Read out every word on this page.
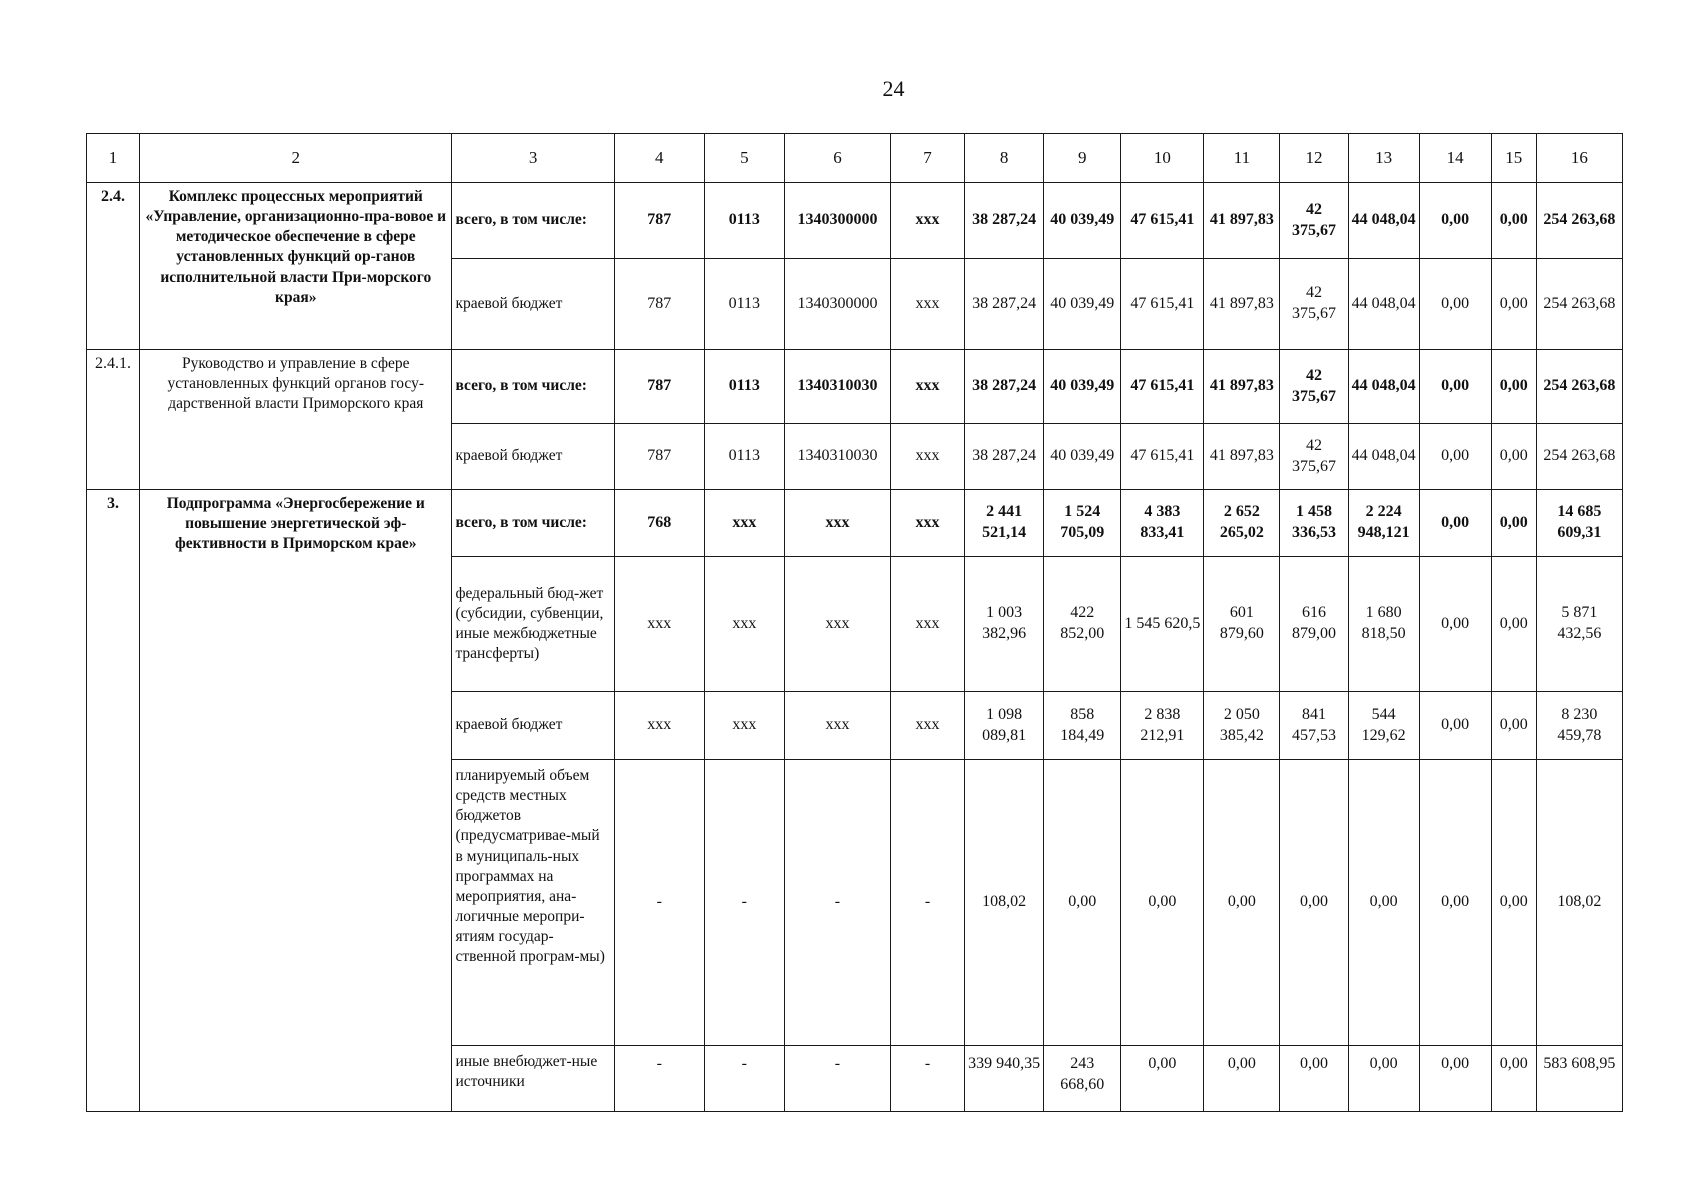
24
1	2	3	4	5	6	7	8	9	10	11	12	13	14	15	16
2.4.	Комплекс процессных мероприятий «Управление, организационно-пра-вовое и методическое обеспечение в сфере установленных функций ор-ганов исполнительной власти При-морского края»	всего, в том числе:	787	0113	1340300000	xxx	38 287,24	40 039,49	47 615,41	41 897,83	42 375,67	44 048,04	0,00	0,00	254 263,68
		краевой бюджет	787	0113	1340300000	xxx	38 287,24	40 039,49	47 615,41	41 897,83	42 375,67	44 048,04	0,00	0,00	254 263,68
2.4.1.	Руководство и управление в сфере установленных функций органов госу-дарственной власти Приморского края	всего, в том числе:	787	0113	1340310030	xxx	38 287,24	40 039,49	47 615,41	41 897,83	42 375,67	44 048,04	0,00	0,00	254 263,68
		краевой бюджет	787	0113	1340310030	xxx	38 287,24	40 039,49	47 615,41	41 897,83	42 375,67	44 048,04	0,00	0,00	254 263,68
3.	Подпрограмма «Энергосбережение и повышение энергетической эф-фективности в Приморском крае»	всего, в том числе:	768	xxx	xxx	xxx	2 441 521,14	1 524 705,09	4 383 833,41	2 652 265,02	1 458 336,53	2 224 948,121	0,00	0,00	14 685 609,31
		федеральный бюд-жет (субсидии, субвенции, иные межбюджетные трансферты)	xxx	xxx	xxx	xxx	1 003 382,96	422 852,00	1 545 620,5	601 879,60	616 879,00	1 680 818,50	0,00	0,00	5 871 432,56
		краевой бюджет	xxx	xxx	xxx	xxx	1 098 089,81	858 184,49	2 838 212,91	2 050 385,42	841 457,53	544 129,62	0,00	0,00	8 230 459,78
		планируемый объем средств местных бюджетов (предусматривае-мый в муниципаль-ных программах на мероприятия, ана-логичные меропри-ятиям государ-ственной програм-мы)	-	-	-	-	108,02	0,00	0,00	0,00	0,00	0,00	0,00	0,00	108,02
		иные внебюджет-ные источники	-	-	-	-	339 940,35	243 668,60	0,00	0,00	0,00	0,00	0,00	0,00	583 608,95
